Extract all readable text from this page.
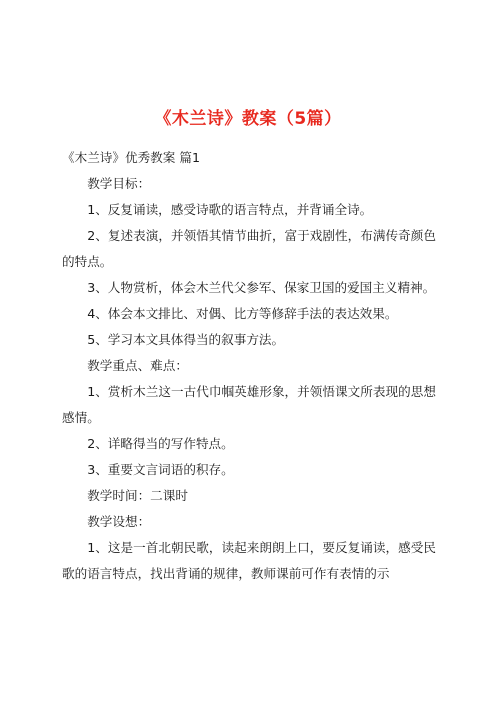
《木兰诗》教案（5篇）

《木兰诗》优秀教案 篇1

教学目标：

1、反复诵读，感受诗歌的语言特点，并背诵全诗。

2、复述表演，并领悟其情节曲折，富于戏剧性，布满传奇颜色的特点。

3、人物赏析，体会木兰代父参军、保家卫国的爱国主义精神。

4、体会本文排比、对偶、比方等修辞手法的表达效果。

5、学习本文具体得当的叙事方法。

教学重点、难点：

1、赏析木兰这一古代巾帼英雄形象，并领悟课文所表现的思想感情。

2、详略得当的写作特点。

3、重要文言词语的积存。

教学时间：二课时

教学设想：

1、这是一首北朝民歌，读起来朗朗上口，要反复诵读，感受民歌的语言特点，找出背诵的规律，教师课前可作有表情的示
